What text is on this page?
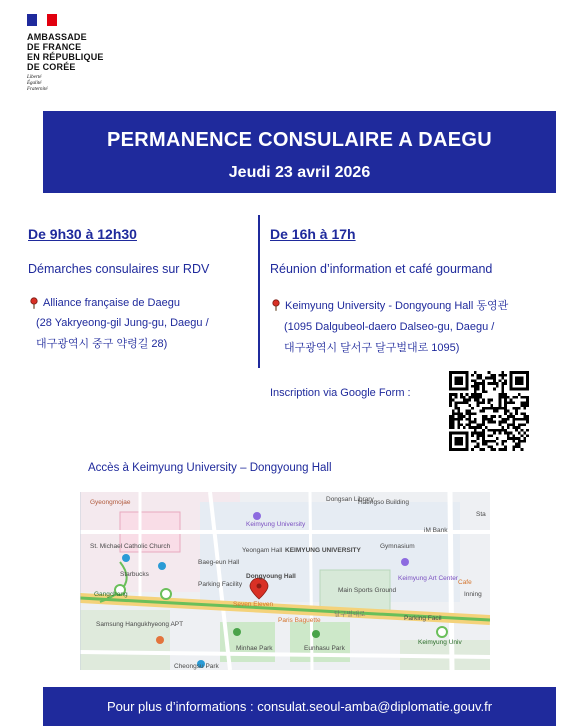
AMBASSADE
DE FRANCE
EN RÉPUBLIQUE
DE CORÉE
Liberté
Égalité
Fraternité
PERMANENCE CONSULAIRE A DAEGU
Jeudi 23 avril 2026
De 9h30 à 12h30
Démarches consulaires sur RDV
Alliance française de Daegu
(28 Yakryeong-gil Jung-gu, Daegu /
대구광역시 중구 약령길 28)
De 16h à 17h
Réunion d’information et café gourmand
Keimyung University - Dongyoung Hall 동영관
(1095 Dalgubeol-daero Dalseo-gu, Daegu /
대구광역시 달서구 달구벌대로 1095)
Inscription via Google Form :
Accès à Keimyung University – Dongyoung Hall
Gyeongmojae	Dongsan Library
Haengso Building
Sta
Keimyung University
iM Bank
St. Michael Catholic Church
Baeg-eun Hall
Yeongam Hall KEIMYUNG UNIVERSITY
Gymnasium
Starbucks	Dongyoung Hall
Parking Facility
Main Sports Ground
Keimyung Art Center
Cafe
Seven Eleven
Parking Facil
Inning
Samsung Hangukhyeong APT
Paris Baguette
Minhae Park	Eunhasu Park
Gangchang
Keimyung Univ
달구벌대로
Cheongsu Park
Pour plus d’informations : consulat.seoul-amba@diplomatie.gouv.fr
